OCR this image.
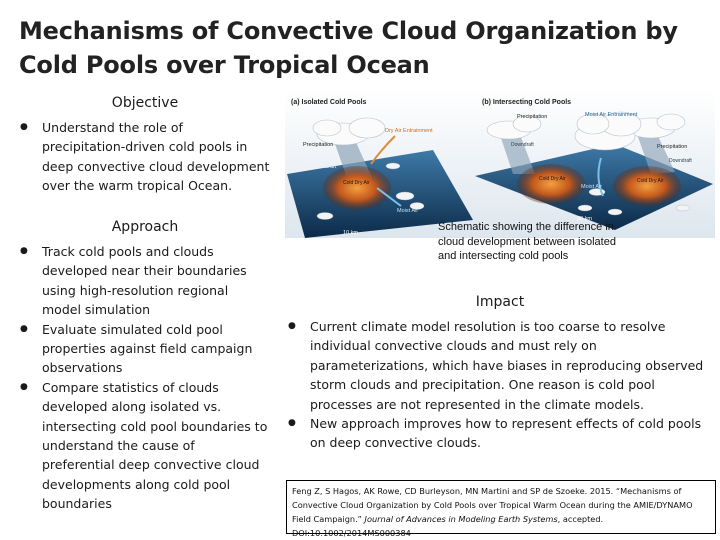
Mechanisms of Convective Cloud Organization by Cold Pools over Tropical Ocean
Objective
● Understand the role of precipitation-driven cold pools in deep convective cloud development over the warm tropical Ocean.
Approach
● Track cold pools and clouds developed near their boundaries using high-resolution regional model simulation
● Evaluate simulated cold pool properties against field campaign observations
● Compare statistics of clouds developed along isolated vs. intersecting cold pool boundaries to understand the cause of preferential deep convective cloud developments along cold pool boundaries
(a) Isolated Cold Pools	(b) Intersecting Cold Pools
Precipitation
Dry Air Entrainment
Downdraft
Cold Dry Air
Moist Air
10 km
Precipitation
Precipitation
Moist Air Entrainment
Downdraft
Downdraft
Cold Dry Air	Cold Dry Air
Moist Air
30 km
Schematic showing the difference in cloud development between isolated and intersecting cold pools
Impact
● Current climate model resolution is too coarse to resolve individual convective clouds and must rely on parameterizations, which have biases in reproducing observed storm clouds and precipitation. One reason is cold pool processes are not represented in the climate models.
● New approach improves how to represent effects of cold pools on deep convective clouds.
Feng Z, S Hagos, AK Rowe, CD Burleyson, MN Martini and SP de Szoeke. 2015. “Mechanisms of Convective Cloud Organization by Cold Pools over Tropical Warm Ocean during the AMIE/DYNAMO Field Campaign.” Journal of Advances in Modeling Earth Systems, accepted.
DOI:10.1002/2014MS000384
